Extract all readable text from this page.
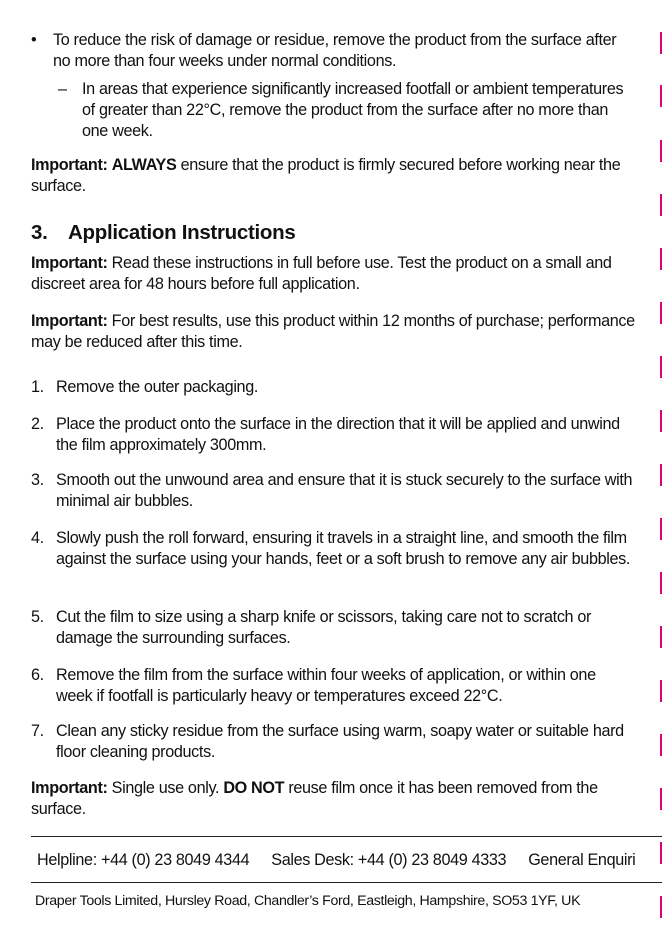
• To reduce the risk of damage or residue, remove the product from the surface after no more than four weeks under normal conditions.
– In areas that experience significantly increased footfall or ambient temperatures of greater than 22°C, remove the product from the surface after no more than one week.
Important: ALWAYS ensure that the product is firmly secured before working near the surface.
3. Application Instructions
Important: Read these instructions in full before use. Test the product on a small and discreet area for 48 hours before full application.
Important: For best results, use this product within 12 months of purchase; performance may be reduced after this time.
1. Remove the outer packaging.
2. Place the product onto the surface in the direction that it will be applied and unwind the film approximately 300mm.
3. Smooth out the unwound area and ensure that it is stuck securely to the surface with minimal air bubbles.
4. Slowly push the roll forward, ensuring it travels in a straight line, and smooth the film against the surface using your hands, feet or a soft brush to remove any air bubbles.
5. Cut the film to size using a sharp knife or scissors, taking care not to scratch or damage the surrounding surfaces.
6. Remove the film from the surface within four weeks of application, or within one week if footfall is particularly heavy or temperatures exceed 22°C.
7. Clean any sticky residue from the surface using warm, soapy water or suitable hard floor cleaning products.
Important: Single use only. DO NOT reuse film once it has been removed from the surface.
Helpline: +44 (0) 23 8049 4344 Sales Desk: +44 (0) 23 8049 4333 General Enquiri
Draper Tools Limited, Hursley Road, Chandler’s Ford, Eastleigh, Hampshire, SO53 1YF, UK
